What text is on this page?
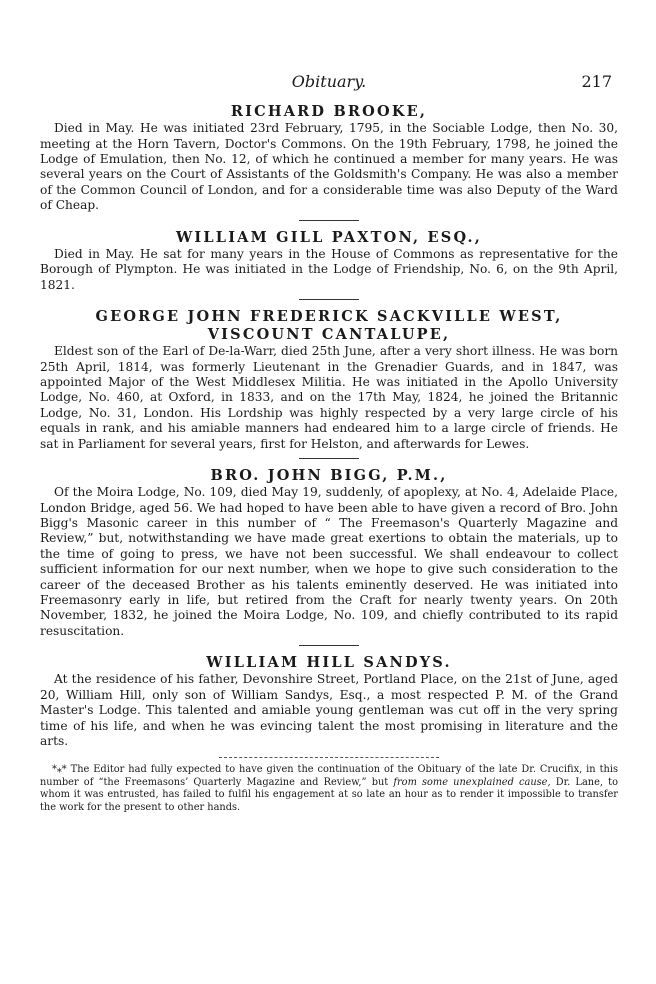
Obituary.	217
RICHARD BROOKE,

Died in May. He was initiated 23rd February, 1795, in the Sociable Lodge, then No. 30, meeting at the Horn Tavern, Doctor's Commons. On the 19th February, 1798, he joined the Lodge of Emulation, then No. 12, of which he continued a member for many years. He was several years on the Court of Assistants of the Goldsmith's Company. He was also a member of the Common Council of London, and for a considerable time was also Deputy of the Ward of Cheap.

WILLIAM GILL PAXTON, ESQ.,

Died in May. He sat for many years in the House of Commons as representative for the Borough of Plympton. He was initiated in the Lodge of Friendship, No. 6, on the 9th April, 1821.

GEORGE JOHN FREDERICK SACKVILLE WEST,
VISCOUNT CANTALUPE,

Eldest son of the Earl of De-la-Warr, died 25th June, after a very short illness. He was born 25th April, 1814, was formerly Lieutenant in the Grenadier Guards, and in 1847, was appointed Major of the West Middlesex Militia. He was initiated in the Apollo University Lodge, No. 460, at Oxford, in 1833, and on the 17th May, 1824, he joined the Britannic Lodge, No. 31, London. His Lordship was highly respected by a very large circle of his equals in rank, and his amiable manners had endeared him to a large circle of friends. He sat in Parliament for several years, first for Helston, and afterwards for Lewes.

BRO. JOHN BIGG, P.M.,

Of the Moira Lodge, No. 109, died May 19, suddenly, of apoplexy, at No. 4, Adelaide Place, London Bridge, aged 56. We had hoped to have been able to have given a record of Bro. John Bigg's Masonic career in this number of “ The Freemason's Quarterly Magazine and Review,” but, notwithstanding we have made great exertions to obtain the materials, up to the time of going to press, we have not been successful. We shall endeavour to collect sufficient information for our next number, when we hope to give such consideration to the career of the deceased Brother as his talents eminently deserved. He was initiated into Freemasonry early in life, but retired from the Craft for nearly twenty years. On 20th November, 1832, he joined the Moira Lodge, No. 109, and chiefly contributed to its rapid resuscitation.

WILLIAM HILL SANDYS.

At the residence of his father, Devonshire Street, Portland Place, on the 21st of June, aged 20, William Hill, only son of William Sandys, Esq., a most respected P. M. of the Grand Master's Lodge. This talented and amiable young gentleman was cut off in the very spring time of his life, and when he was evincing talent the most promising in literature and the arts.

*⁎* The Editor had fully expected to have given the continuation of the Obituary of the late Dr. Crucifix, in this number of “the Freemasons’ Quarterly Magazine and Review,” but from some unexplained cause, Dr. Lane, to whom it was entrusted, has failed to fulfil his engagement at so late an hour as to render it impossible to transfer the work for the present to other hands.
